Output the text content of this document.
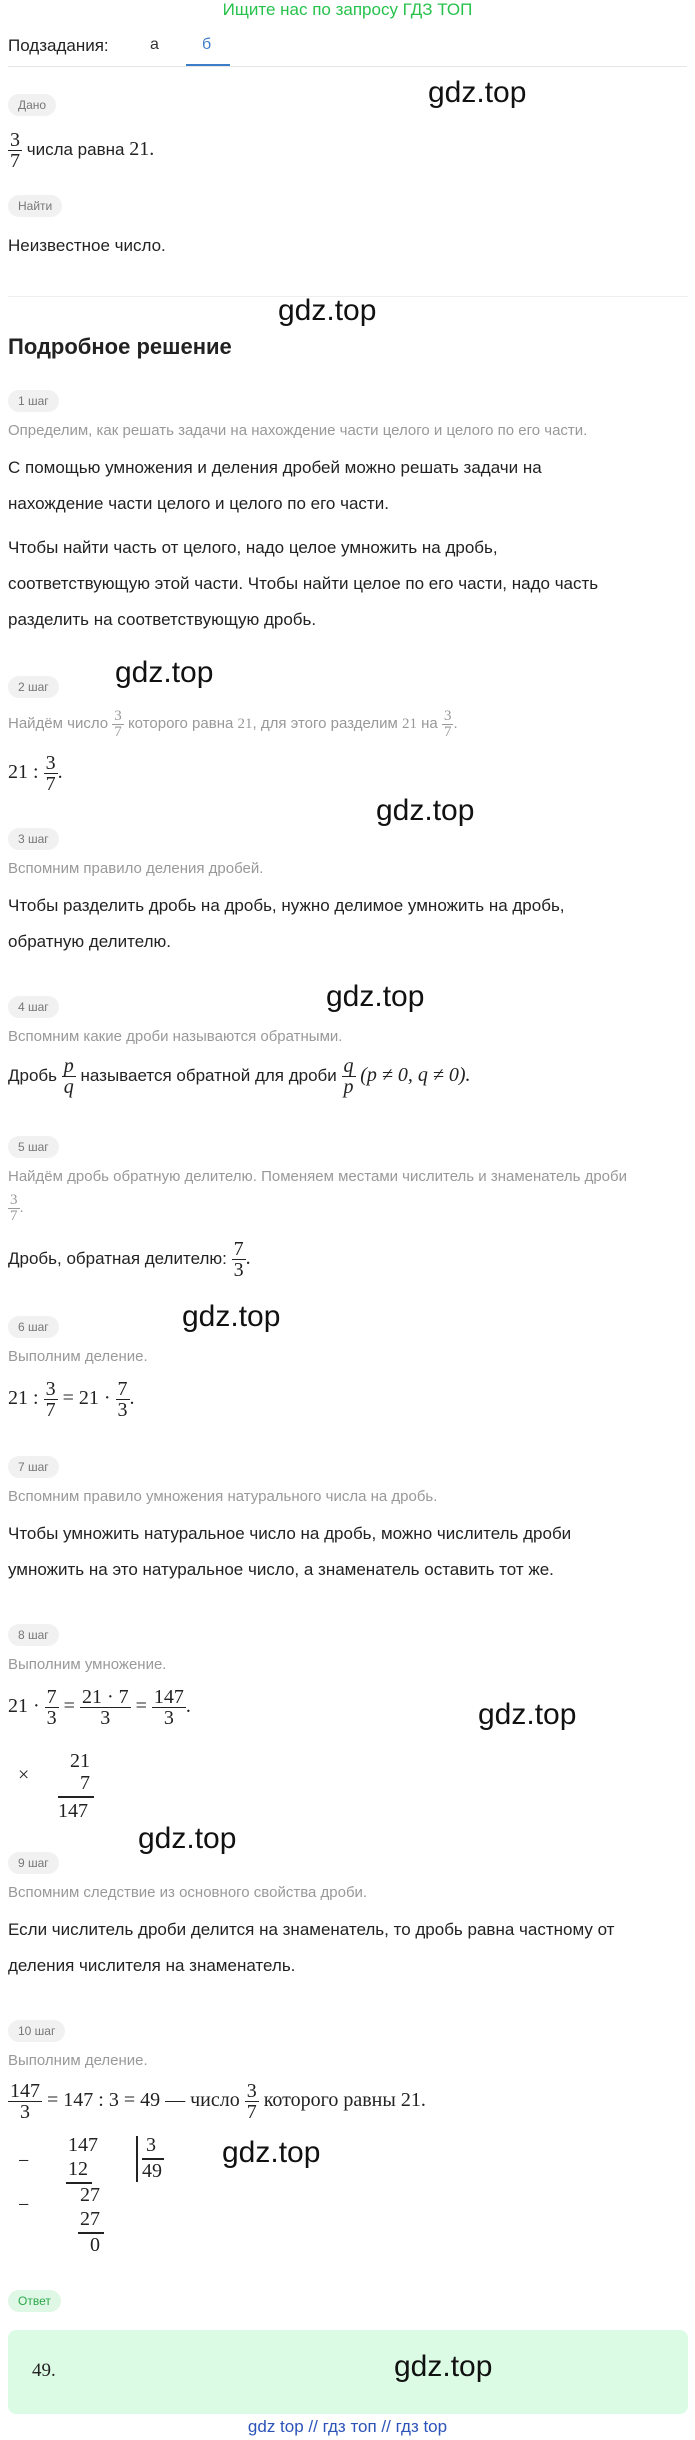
Ищите нас по запросу ГДЗ ТОП
Подзадания:	а	б
Дано	gdz.top
$\frac{3}{7}$ числа равна 21.
Найти
Неизвестное число.
gdz.top
Подробное решение
1 шаг
Определим, как решать задачи на нахождение части целого и целого по его части.
С помощью умножения и деления дробей можно решать задачи на
нахождение части целого и целого по его части.
Чтобы найти часть от целого, надо целое умножить на дробь,
соответствующую этой части. Чтобы найти целое по его части, надо часть
разделить на соответствующую дробь.
2 шаг	gdz.top
Найдём число $\frac{3}{7}$ которого равна 21, для этого разделим 21 на $\frac{3}{7}$ .
21 : $\frac{3}{7}$ .
gdz.top
3 шаг
Вспомним правило деления дробей.
Чтобы разделить дробь на дробь, нужно делимое умножить на дробь,
обратную делителю.
gdz.top
4 шаг
Вспомним какие дроби называются обратными.
Дробь $\frac{p}{q}$ называется обратной для дроби $\frac{q}{p} (p \ne 0$, q ≠ 0).
5 шаг
Найдём дробь обратную делителю. Поменяем местами числитель и знаменатель дроби
$\frac{3}{7}$ .
Дробь, обратная делителю: $\frac{7}{3}$ .
gdz.top
6 шаг
Выполним деление.
21 : $\frac{3}{7} = 21 \cdot \frac{7}{3}$ .
7 шаг
Вспомним правило умножения натурального числа на дробь.
Чтобы умножить натуральное число на дробь, можно числитель дроби
умножить на это натуральное число, а знаменатель оставить тот же.
8 шаг
Выполним умножение.
$21 \cdot \frac{7}{3} = \frac{21 \cdot 7}{3} = \frac{147}{3}$ .	gdz.top
×
21
7
147
gdz.top
9 шаг
Вспомним следствие из основного свойства дроби.
Если числитель дроби делится на знаменатель, то дробь равна частному от
деления числителя на знаменатель.
10 шаг
Выполним деление.
$\frac{147}{3} = 147$ : 3 = 49 — число $\frac{3}{7}$ которого равны 21.
−
147 3
49
12
−	27
27
0
gdz.top
Ответ
49.	gdz.top
gdz top // гдз топ // гдз top
